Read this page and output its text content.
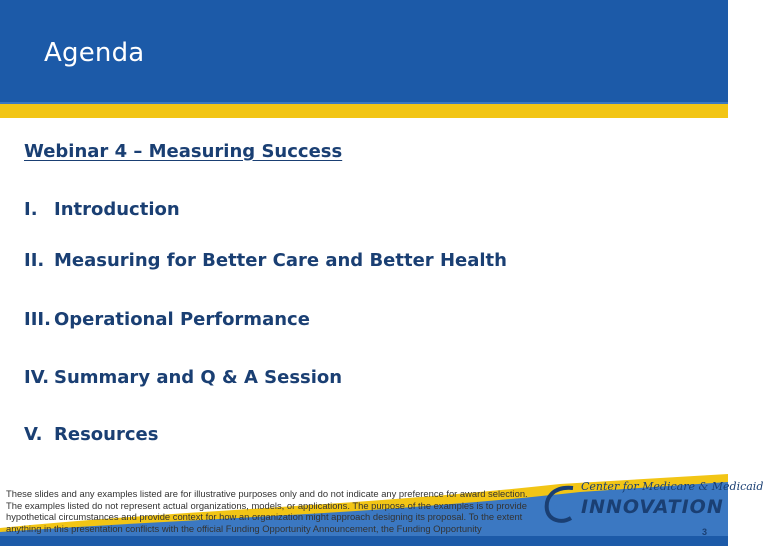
Agenda
Webinar 4 – Measuring Success
I. Introduction
II. Measuring for Better Care and Better Health
III. Operational Performance
IV. Summary and Q & A Session
V. Resources
These slides and any examples listed are for illustrative purposes only and do not indicate any preference for award selection. The examples listed do not represent actual organizations, models, or applications. The purpose of the examples is to provide hypothetical circumstances and provide context for how an organization might approach designing its proposal. To the extent anything in this presentation conflicts with the official Funding Opportunity Announcement, the Funding Opportunity
Center for Medicare & Medicaid
INNOVATION
3
